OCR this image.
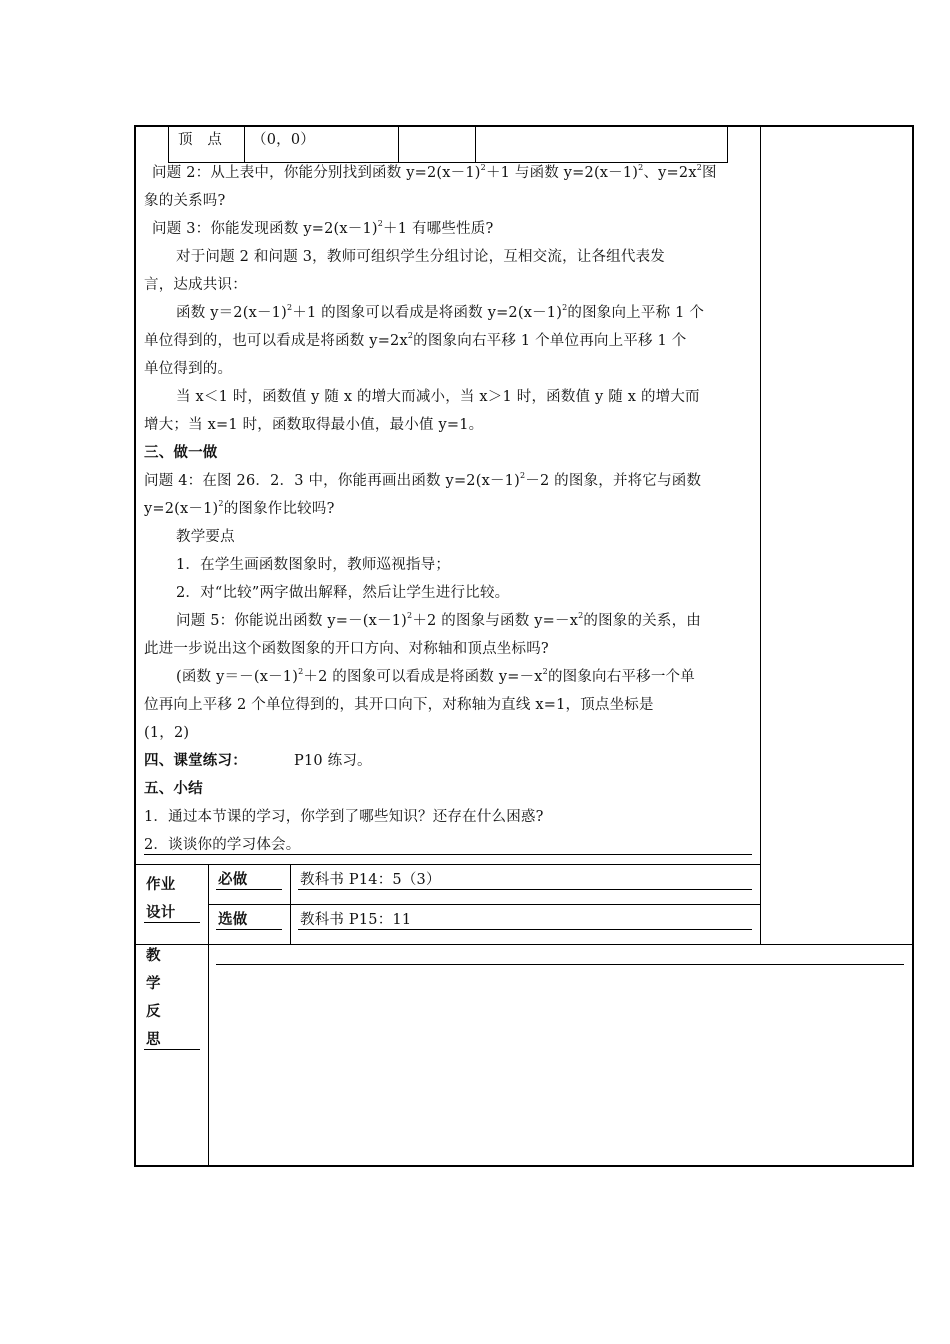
顶　点 （0，0）
问题 2：从上表中，你能分别找到函数 $y=2(x-1)^2+1$ 与函数 $y=2(x-1)^2$、$y=2x^2$图
象的关系吗?
问题 3：你能发现函数 $y=2(x-1)^2+1$ 有哪些性质?
对于问题 2 和问题 3，教师可组织学生分组讨论，互相交流，让各组代表发
言，达成共识：
函数 $y=2(x-1)^2+1$ 的图象可以看成是将函数 $y=2(x-1)^2$的图象向上平称 1 个
单位得到的，也可以看成是将函数 $y=2x^2$的图象向右平移 1 个单位再向上平移 1 个
单位得到的。
当 x＜1 时，函数值 y 随 x 的增大而减小，当 x＞1 时，函数值 y 随 x 的增大而
增大；当 x=1 时，函数取得最小值，最小值 y=1。
三、做一做
问题 4：在图 26．2．3 中，你能再画出函数 $y=2(x-1)^2-2$ 的图象，并将它与函数
$y=2(x-1)^2$的图象作比较吗?
教学要点
1．在学生画函数图象时，教师巡视指导；
2．对“比较”两字做出解释，然后让学生进行比较。
问题 5：你能说出函数 $y=-(x-1)^2+2$ 的图象与函数 $y=-x^2$的图象的关系，由
此进一步说出这个函数图象的开口方向、对称轴和顶点坐标吗?
(函数 $y=-(x-1)^2+2$ 的图象可以看成是将函数 $y=-x^2$的图象向右平移一个单
位再向上平移 2 个单位得到的，其开口向下，对称轴为直线 x=1，顶点坐标是
(1，2)
四、课堂练习：	P10 练习。
五、小结
1．通过本节课的学习，你学到了哪些知识？还存在什么困惑?
2．谈谈你的学习体会。
作业
设计
必做	教科书 P14：5（3）
选做	教科书 P15：11
教
学
反
思
